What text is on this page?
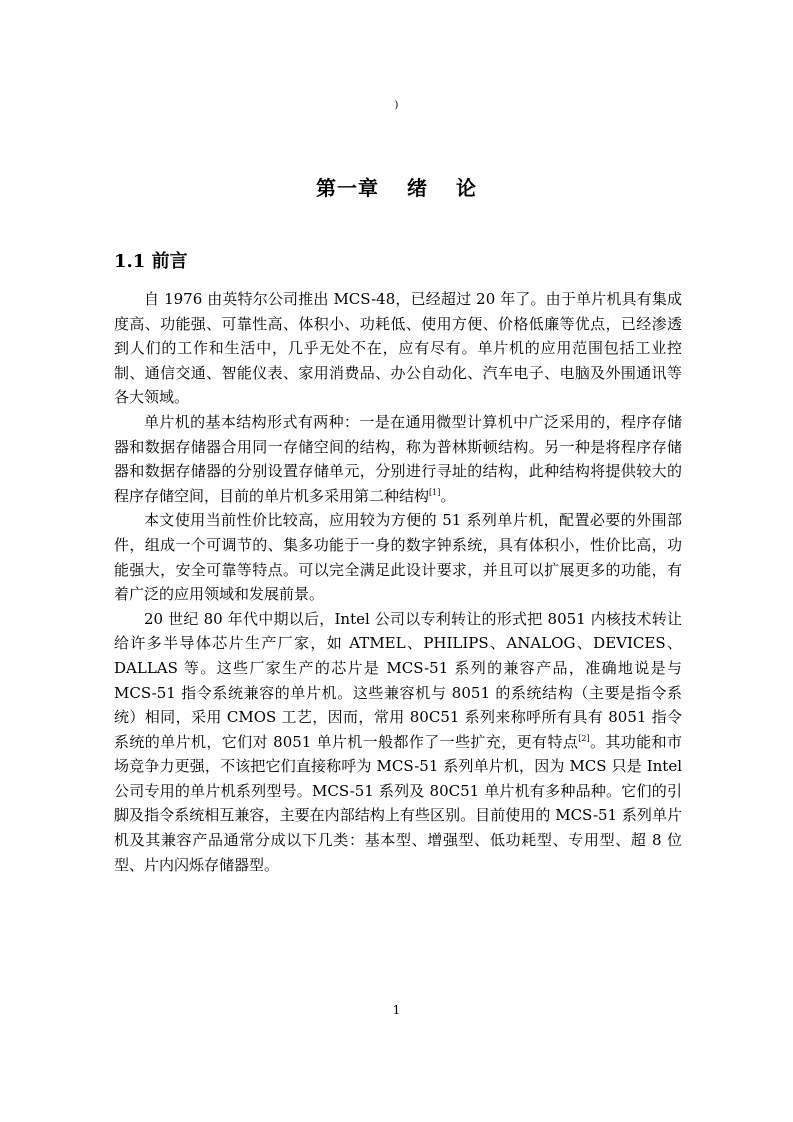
)
第一章 绪 论
1.1 前言

自 1976 由英特尔公司推出 MCS-48，已经超过 20 年了。由于单片机具有集成度高、功能强、可靠性高、体积小、功耗低、使用方便、价格低廉等优点，已经渗透到人们的工作和生活中，几乎无处不在，应有尽有。单片机的应用范围包括工业控制、通信交通、智能仪表、家用消费品、办公自动化、汽车电子、电脑及外围通讯等各大领域。

单片机的基本结构形式有两种：一是在通用微型计算机中广泛采用的，程序存储器和数据存储器合用同一存储空间的结构，称为普林斯顿结构。另一种是将程序存储器和数据存储器的分别设置存储单元，分别进行寻址的结构，此种结构将提供较大的程序存储空间，目前的单片机多采用第二种结构[1]。

本文使用当前性价比较高，应用较为方便的 51 系列单片机，配置必要的外围部件，组成一个可调节的、集多功能于一身的数字钟系统，具有体积小，性价比高，功能强大，安全可靠等特点。可以完全满足此设计要求，并且可以扩展更多的功能，有着广泛的应用领域和发展前景。

20 世纪 80 年代中期以后，Intel 公司以专利转让的形式把 8051 内核技术转让给许多半导体芯片生产厂家，如 ATMEL、PHILIPS、ANALOG、DEVICES、DALLAS 等。这些厂家生产的芯片是 MCS-51 系列的兼容产品，准确地说是与 MCS-51 指令系统兼容的单片机。这些兼容机与 8051 的系统结构（主要是指令系统）相同，采用 CMOS 工艺，因而，常用 80C51 系列来称呼所有具有 8051 指令系统的单片机，它们对 8051 单片机一般都作了一些扩充，更有特点[2]。其功能和市场竞争力更强，不该把它们直接称呼为 MCS-51 系列单片机，因为 MCS 只是 Intel 公司专用的单片机系列型号。MCS-51 系列及 80C51 单片机有多种品种。它们的引脚及指令系统相互兼容，主要在内部结构上有些区别。目前使用的 MCS-51 系列单片机及其兼容产品通常分成以下几类：基本型、增强型、低功耗型、专用型、超 8 位型、片内闪烁存储器型。

1
